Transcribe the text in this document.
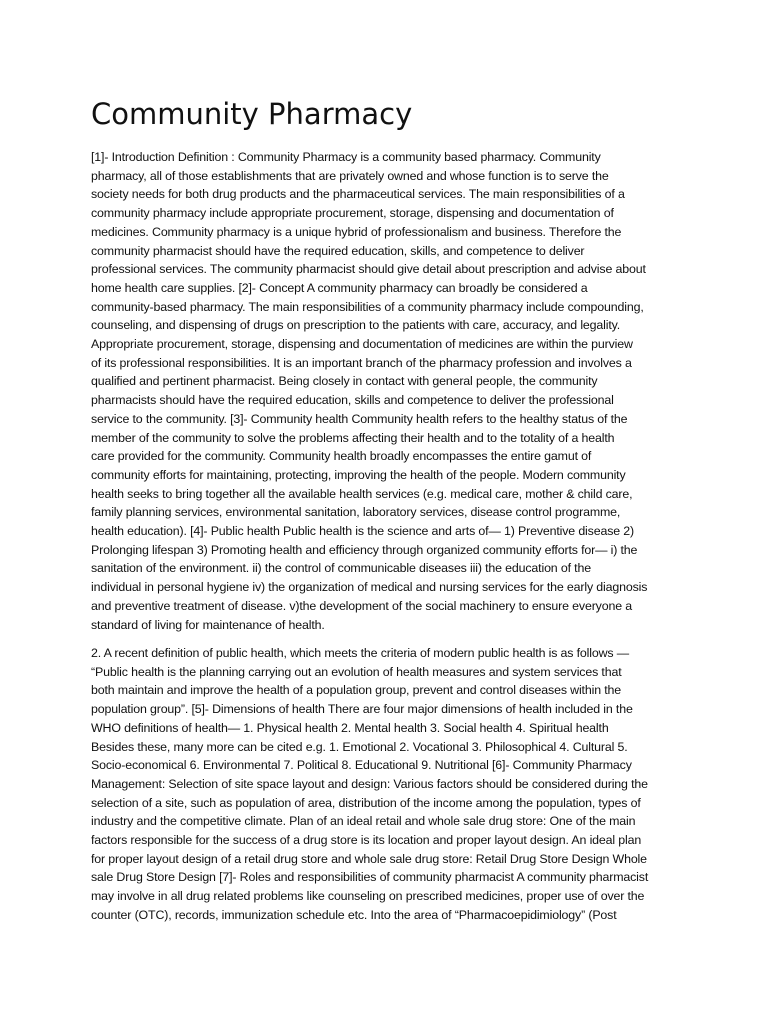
Community Pharmacy
[1]- Introduction Definition : Community Pharmacy is a community based pharmacy. Community
pharmacy, all of those establishments that are privately owned and whose function is to serve the
society needs for both drug products and the pharmaceutical services. The main responsibilities of a
community pharmacy include appropriate procurement, storage, dispensing and documentation of
medicines. Community pharmacy is a unique hybrid of professionalism and business. Therefore the
community pharmacist should have the required education, skills, and competence to deliver
professional services. The community pharmacist should give detail about prescription and advise about
home health care supplies. [2]- Concept A community pharmacy can broadly be considered a
community-based pharmacy. The main responsibilities of a community pharmacy include compounding,
counseling, and dispensing of drugs on prescription to the patients with care, accuracy, and legality.
Appropriate procurement, storage, dispensing and documentation of medicines are within the purview
of its professional responsibilities. It is an important branch of the pharmacy profession and involves a
qualified and pertinent pharmacist. Being closely in contact with general people, the community
pharmacists should have the required education, skills and competence to deliver the professional
service to the community. [3]- Community health Community health refers to the healthy status of the
member of the community to solve the problems affecting their health and to the totality of a health
care provided for the community. Community health broadly encompasses the entire gamut of
community efforts for maintaining, protecting, improving the health of the people. Modern community
health seeks to bring together all the available health services (e.g. medical care, mother & child care,
family planning services, environmental sanitation, laboratory services, disease control programme,
health education). [4]- Public health Public health is the science and arts of— 1) Preventive disease 2)
Prolonging lifespan 3) Promoting health and efficiency through organized community efforts for— i) the
sanitation of the environment. ii) the control of communicable diseases iii) the education of the
individual in personal hygiene iv) the organization of medical and nursing services for the early diagnosis
and preventive treatment of disease. v)the development of the social machinery to ensure everyone a
standard of living for maintenance of health.
2. A recent definition of public health, which meets the criteria of modern public health is as follows —
“Public health is the planning carrying out an evolution of health measures and system services that
both maintain and improve the health of a population group, prevent and control diseases within the
population group”. [5]- Dimensions of health There are four major dimensions of health included in the
WHO definitions of health— 1. Physical health 2. Mental health 3. Social health 4. Spiritual health
Besides these, many more can be cited e.g. 1. Emotional 2. Vocational 3. Philosophical 4. Cultural 5.
Socio-economical 6. Environmental 7. Political 8. Educational 9. Nutritional [6]- Community Pharmacy
Management: Selection of site space layout and design: Various factors should be considered during the
selection of a site, such as population of area, distribution of the income among the population, types of
industry and the competitive climate. Plan of an ideal retail and whole sale drug store: One of the main
factors responsible for the success of a drug store is its location and proper layout design. An ideal plan
for proper layout design of a retail drug store and whole sale drug store: Retail Drug Store Design Whole
sale Drug Store Design [7]- Roles and responsibilities of community pharmacist A community pharmacist
may involve in all drug related problems like counseling on prescribed medicines, proper use of over the
counter (OTC), records, immunization schedule etc. Into the area of “Pharmacoepidimiology” (Post
